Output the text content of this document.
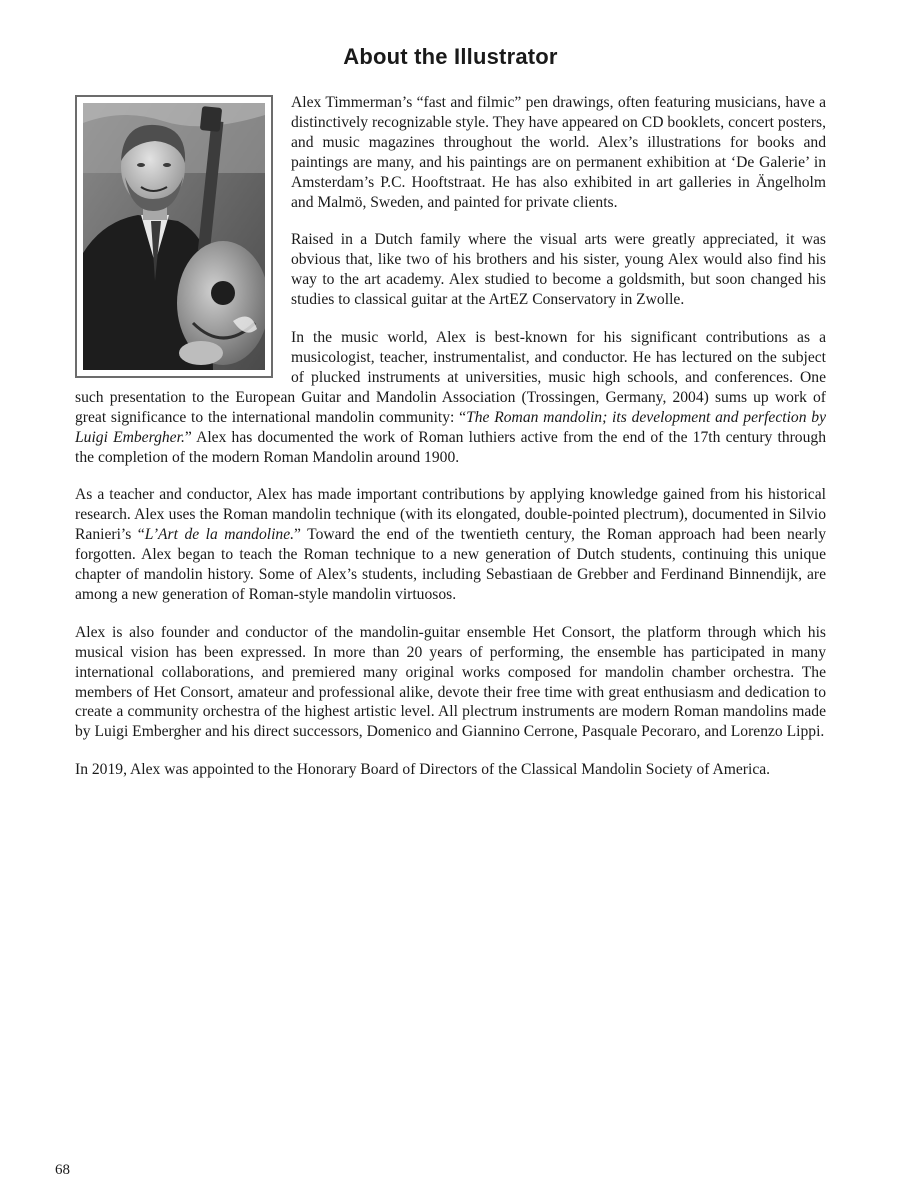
About the Illustrator

Alex Timmerman’s “fast and filmic” pen drawings, often featuring musicians, have a distinctively recognizable style. They have appeared on CD booklets, concert posters, and music magazines throughout the world. Alex’s illustrations for books and paintings are many, and his paintings are on permanent exhibition at ‘De Galerie’ in Amsterdam’s P.C. Hooftstraat. He has also exhibited in art galleries in Ängelholm and Malmö, Sweden, and painted for private clients.

Raised in a Dutch family where the visual arts were greatly appreciated, it was obvious that, like two of his brothers and his sister, young Alex would also find his way to the art academy. Alex studied to become a goldsmith, but soon changed his studies to classical guitar at the ArtEZ Conservatory in Zwolle.

In the music world, Alex is best-known for his significant contributions as a musicologist, teacher, instrumentalist, and conductor. He has lectured on the subject of plucked instruments at universities, music high schools, and conferences. One such presentation to the European Guitar and Mandolin Association (Trossingen, Germany, 2004) sums up work of great significance to the international mandolin community: “The Roman mandolin; its development and perfection by Luigi Embergher.” Alex has documented the work of Roman luthiers active from the end of the 17th century through the completion of the modern Roman Mandolin around 1900.

As a teacher and conductor, Alex has made important contributions by applying knowledge gained from his historical research. Alex uses the Roman mandolin technique (with its elongated, double-pointed plectrum), documented in Silvio Ranieri’s “L’Art de la mandoline.” Toward the end of the twentieth century, the Roman approach had been nearly forgotten. Alex began to teach the Roman technique to a new generation of Dutch students, continuing this unique chapter of mandolin history. Some of Alex’s students, including Sebastiaan de Grebber and Ferdinand Binnendijk, are among a new generation of Roman-style mandolin virtuosos.

Alex is also founder and conductor of the mandolin-guitar ensemble Het Consort, the platform through which his musical vision has been expressed. In more than 20 years of performing, the ensemble has participated in many international collaborations, and premiered many original works composed for mandolin chamber orchestra. The members of Het Consort, amateur and professional alike, devote their free time with great enthusiasm and dedication to create a community orchestra of the highest artistic level. All plectrum instruments are modern Roman mandolins made by Luigi Embergher and his direct successors, Domenico and Giannino Cerrone, Pasquale Pecoraro, and Lorenzo Lippi.

In 2019, Alex was appointed to the Honorary Board of Directors of the Classical Mandolin Society of America.

68
